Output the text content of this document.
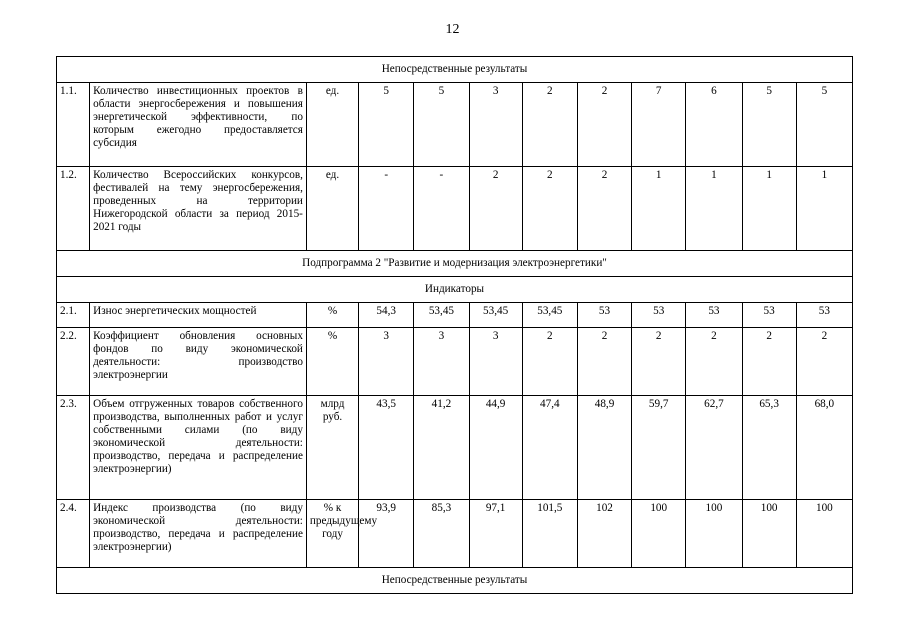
12
Непосредственные результаты											
1.1.	Количество инвестиционных проектов в области энергосбережения и повышения энергетической эффективности, по которым ежегодно предоставляется субсидия	ед.	5	5	3	2	2	7	6	5	5
1.2.	Количество Всероссийских конкурсов, фестивалей на тему энергосбережения, проведенных на территории Нижегородской области за период 2015-2021 годы	ед.	-	-	2	2	2	1	1	1	1
Подпрограмма 2 "Развитие и модернизация электроэнергетики"											
Индикаторы											
2.1.	Износ энергетических мощностей	%	54,3	53,45	53,45	53,45	53	53	53	53	53
2.2.	Коэффициент обновления основных фондов по виду экономической деятельности: производство электроэнергии	%	3	3	3	2	2	2	2	2	2
2.3.	Объем отгруженных товаров собственного производства, выполненных работ и услуг собственными силами (по виду экономической деятельности: производство, передача и распределение электроэнергии)	млрд руб.	43,5	41,2	44,9	47,4	48,9	59,7	62,7	65,3	68,0
2.4.	Индекс производства (по виду экономической деятельности: производство, передача и распределение электроэнергии)	% к предыдущему году	93,9	85,3	97,1	101,5	102	100	100	100	100
Непосредственные результаты											
